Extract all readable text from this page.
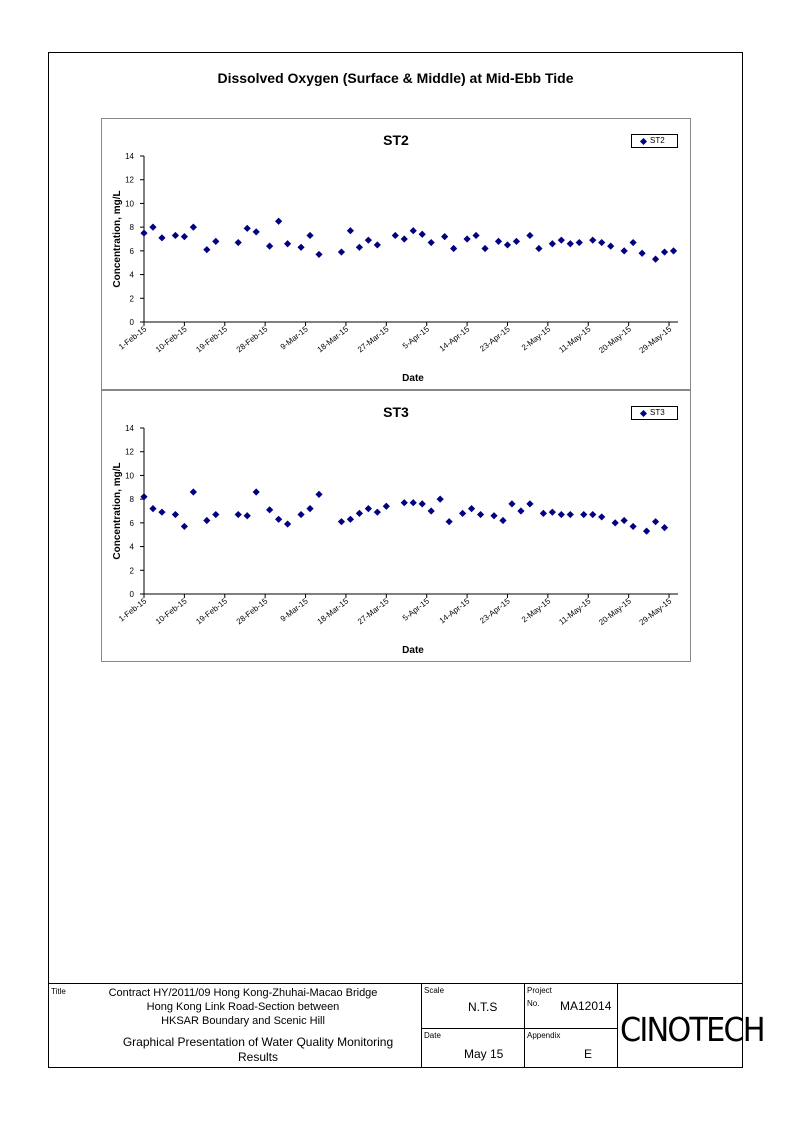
Dissolved Oxygen (Surface & Middle) at Mid-Ebb Tide
0
2
4
6
8
10
12
14
1-Feb-15 10-Feb-15 19-Feb-15 28-Feb-15 9-Mar-15 18-Mar-15 27-Mar-15 5-Apr-15 14-Apr-15 23-Apr-15 2-May-15 11-May-15 20-May-15 29-May-15
Date
Concentration, mg/L
ST2	ST2
0
2
4
6
8
10
12
14
1-Feb-15 10-Feb-15 19-Feb-15 28-Feb-15 9-Mar-15 18-Mar-15 27-Mar-15 5-Apr-15 14-Apr-15 23-Apr-15 2-May-15 11-May-15 20-May-15 29-May-15
Date
Concentration, mg/L
ST3	ST3
Title	Contract HY/2011/09 Hong Kong-Zhuhai-Macao Bridge
Hong Kong Link Road-Section between
HKSAR Boundary and Scenic Hill
Graphical Presentation of Water Quality Monitoring
Results
Scale
N.T.S
Date
May 15
Project
No. MA12014
Appendix
E
CINOTECH
